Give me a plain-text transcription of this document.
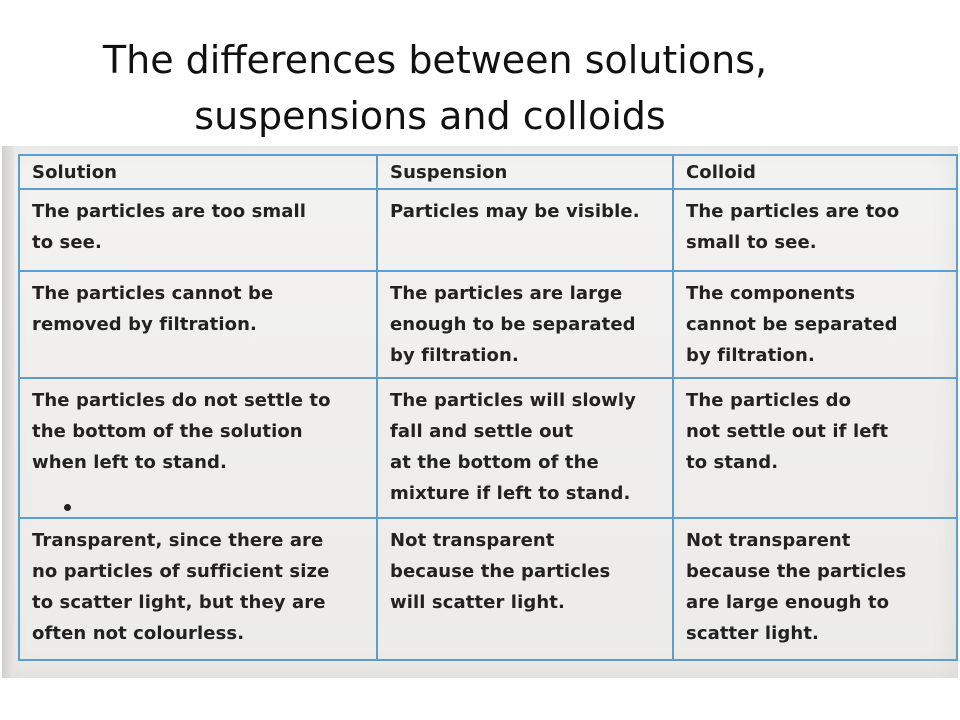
The differences between solutions,
suspensions and colloids
Solution	Suspension	Colloid

The particles are too small
to see.	Particles may be visible.	The particles are too
small to see.

The particles cannot be
removed by filtration.	The particles are large
enough to be separated
by filtration.	The components
cannot be separated
by filtration.

The particles do not settle to
the bottom of the solution
when left to stand.	The particles will slowly
fall and settle out
at the bottom of the
mixture if left to stand.	The particles do
not settle out if left
to stand.

Transparent, since there are
no particles of sufficient size
to scatter light, but they are
often not colourless.	Not transparent
because the particles
will scatter light.	Not transparent
because the particles
are large enough to
scatter light.
